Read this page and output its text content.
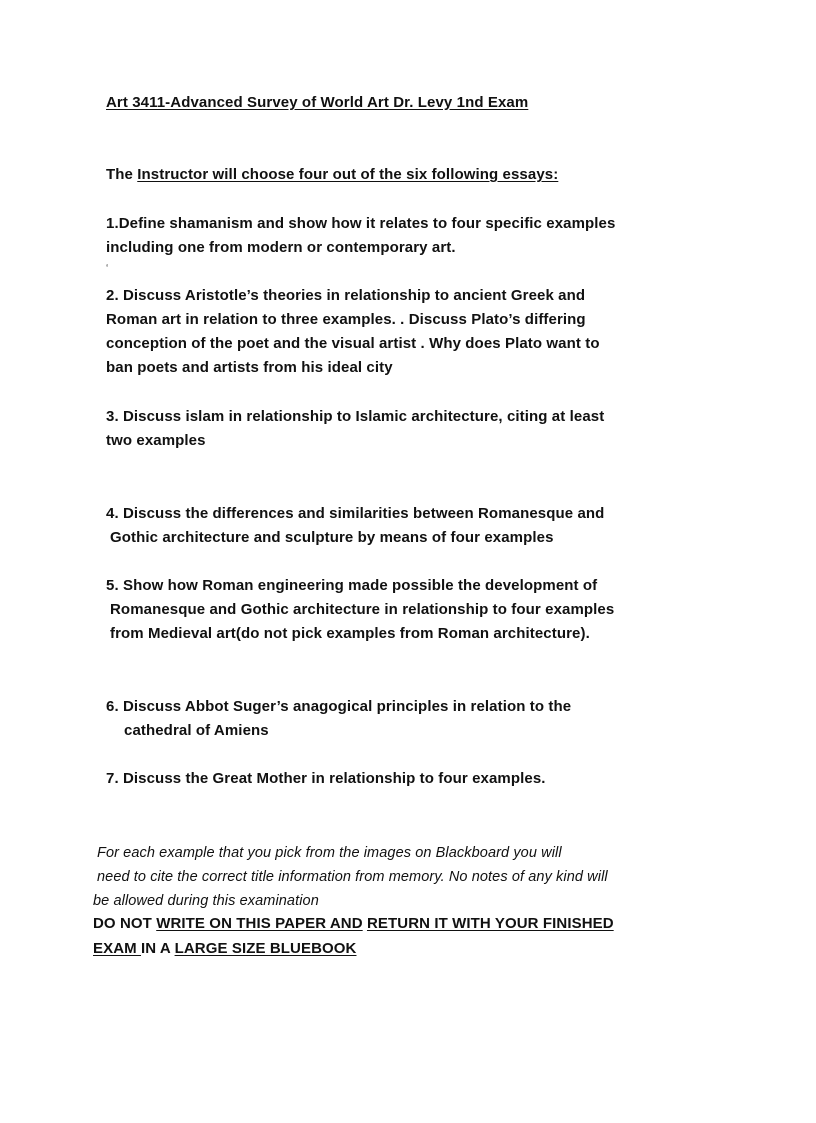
Art 3411-Advanced Survey of World Art Dr. Levy 1nd Exam
The Instructor will choose four out of the six following essays:
1.Define shamanism and show how it relates to four specific examples
including one from modern or contemporary art.
‘
2. Discuss Aristotle’s theories in relationship to ancient Greek and
Roman art in relation to three examples. . Discuss Plato’s differing
conception of the poet and the visual artist . Why does Plato want to
ban poets and artists from his ideal city
3. Discuss islam in relationship to Islamic architecture, citing at least
two examples
4. Discuss the differences and similarities between Romanesque and
Gothic architecture and sculpture by means of four examples
5. Show how Roman engineering made possible the development of
Romanesque and Gothic architecture in relationship to four examples
from Medieval art(do not pick examples from Roman architecture).
6. Discuss Abbot Suger’s anagogical principles in relation to the
cathedral of Amiens
7. Discuss the Great Mother in relationship to four examples.
For each example that you pick from the images on Blackboard you will
need to cite the correct title information from memory. No notes of any kind will
be allowed during this examination
DO NOT WRITE ON THIS PAPER AND RETURN IT WITH YOUR FINISHED
EXAM IN A LARGE SIZE BLUEBOOK
